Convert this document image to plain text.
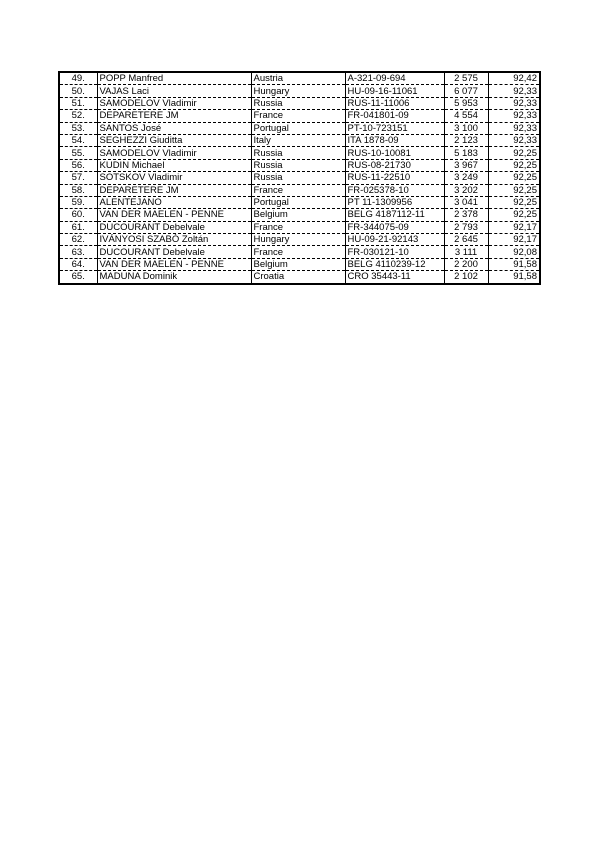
49.	POPP Manfred	Austria	A-321-09-694	2 575	92,42
50.	VAJAS Laci	Hungary	HU-09-16-11061	6 077	92,33
51.	SAMODELOV Vladimir	Russia	RUS-11-11006	5 953	92,33
52.	DEPARETERE JM	France	FR-041801-09	4 554	92,33
53.	SANTOS José	Portugal	PT-10-723151	3 100	92,33
54.	SEGHEZZI Giuditta	Italy	ITA 1878-09	2 123	92,33
55.	SAMODELOV Vladimir	Russia	RUS-10-10081	5 183	92,25
56.	KUDIN Michael	Russia	RUS-08-21730	3 967	92,25
57.	SOTSKOV Vladimir	Russia	RUS-11-22510	3 249	92,25
58.	DEPARETERE JM	France	FR-025378-10	3 202	92,25
59.	ALENTEJANO	Portugal	PT 11-1309956	3 041	92,25
60.	VAN DER MAELEN - PENNE	Belgium	BELG 4187112-11	2 378	92,25
61.	DUCOURANT Debelvale	France	FR-344075-09	2 793	92,17
62.	IVÁNYOSI SZABÓ Zoltán	Hungary	HU-09-21-92143	2 645	92,17
63.	DUCOURANT Debelvale	France	FR-030121-10	3 111	92,08
64.	VAN DER MAELEN - PENNE	Belgium	BELG 4110239-12	2 200	91,58
65.	MADUNA Dominik	Croatia	CRO 35443-11	2 102	91,58
